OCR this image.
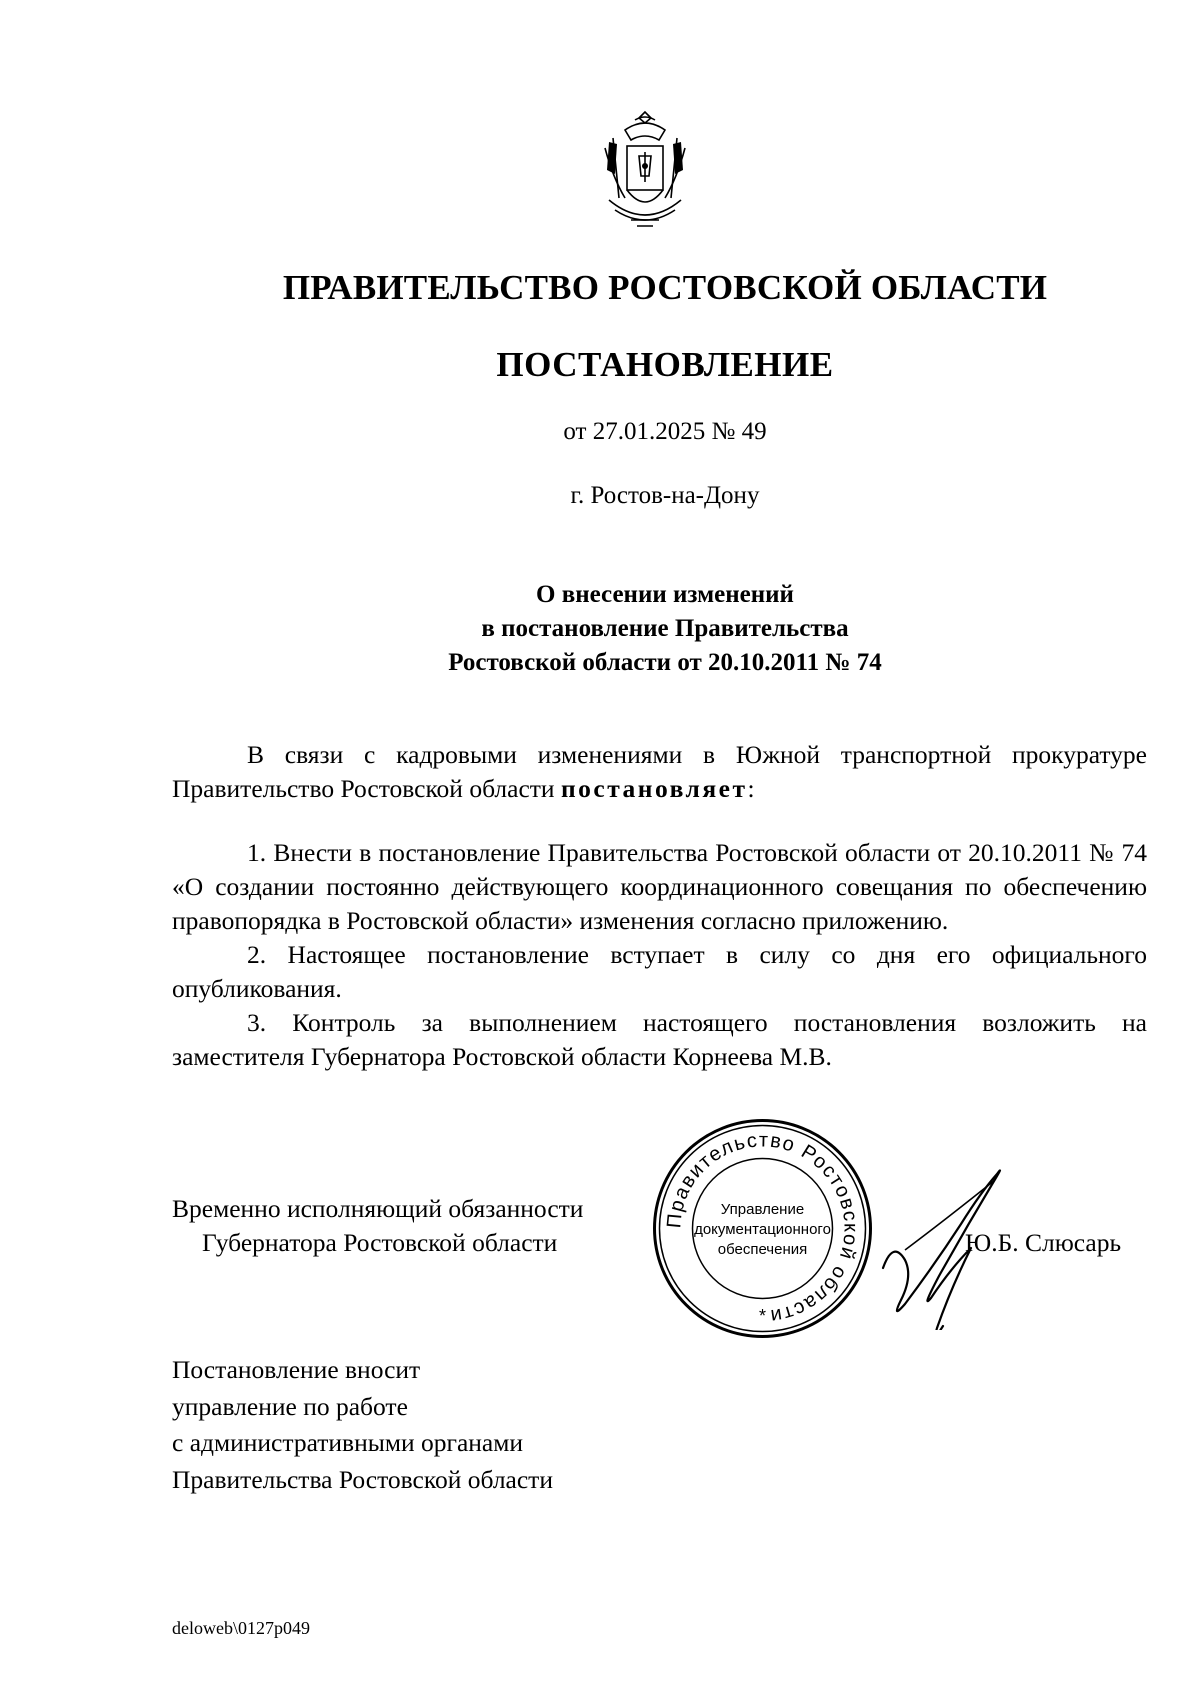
ПРАВИТЕЛЬСТВО РОСТОВСКОЙ ОБЛАСТИ
ПОСТАНОВЛЕНИЕ
от 27.01.2025 № 49
г. Ростов-на-Дону
О внесении изменений
в постановление Правительства
Ростовской области от 20.10.2011 № 74
В связи с кадровыми изменениями в Южной транспортной прокуратуре Правительство Ростовской области постановляет:
1. Внести в постановление Правительства Ростовской области от 20.10.2011 № 74 «О создании постоянно действующего координационного совещания по обеспечению правопорядка в Ростовской области» изменения согласно приложению.
2. Настоящее постановление вступает в силу со дня его официального опубликования.
3. Контроль за выполнением настоящего постановления возложить на заместителя Губернатора Ростовской области Корнеева М.В.
Временно исполняющий обязанности
Губернатора Ростовской области
Правительство Ростовской области
Управление
документационного
обеспечения
*
Ю.Б. Слюсарь
Постановление вносит
управление по работе
с административными органами
Правительства Ростовской области
deloweb\0127p049
